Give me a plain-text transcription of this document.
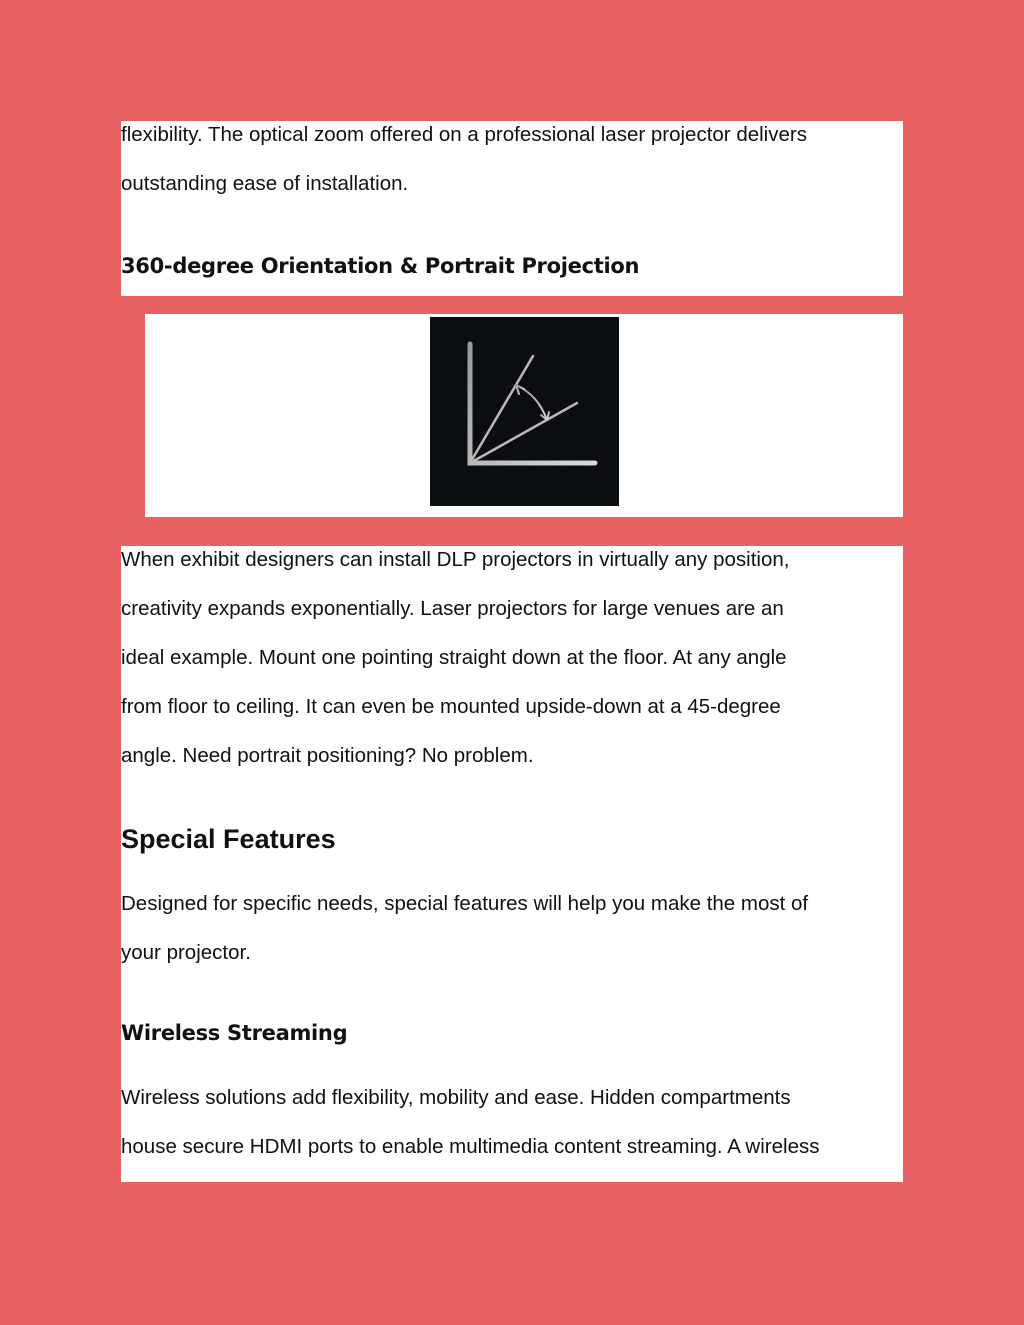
flexibility. The optical zoom offered on a professional laser projector delivers

outstanding ease of installation.

360-degree Orientation & Portrait Projection

When exhibit designers can install DLP projectors in virtually any position,

creativity expands exponentially. Laser projectors for large venues are an

ideal example. Mount one pointing straight down at the floor. At any angle

from floor to ceiling. It can even be mounted upside-down at a 45-degree

angle. Need portrait positioning? No problem.

Special Features

Designed for specific needs, special features will help you make the most of

your projector.

Wireless Streaming

Wireless solutions add flexibility, mobility and ease. Hidden compartments

house secure HDMI ports to enable multimedia content streaming. A wireless
